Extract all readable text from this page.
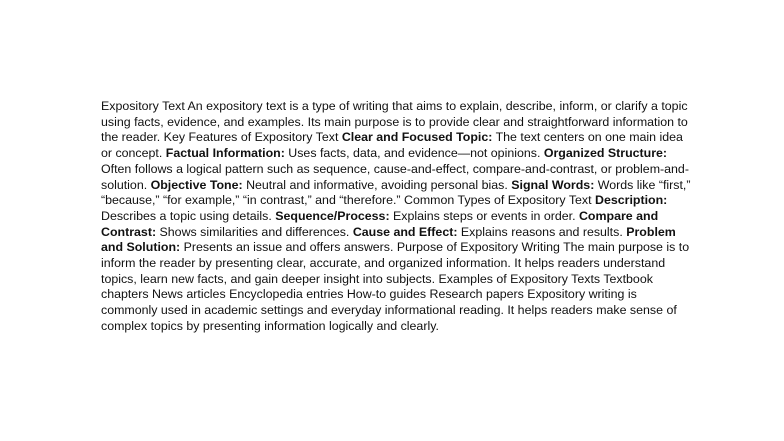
Expository Text An expository text is a type of writing that aims to explain, describe, inform, or clarify a topic using facts, evidence, and examples. Its main purpose is to provide clear and straightforward information to the reader. Key Features of Expository Text Clear and Focused Topic: The text centers on one main idea or concept. Factual Information: Uses facts, data, and evidence—not opinions. Organized Structure: Often follows a logical pattern such as sequence, cause-and-effect, compare-and-contrast, or problem-and-solution. Objective Tone: Neutral and informative, avoiding personal bias. Signal Words: Words like “first,” “because,” “for example,” “in contrast,” and “therefore.” Common Types of Expository Text Description: Describes a topic using details. Sequence/Process: Explains steps or events in order. Compare and Contrast: Shows similarities and differences. Cause and Effect: Explains reasons and results. Problem and Solution: Presents an issue and offers answers. Purpose of Expository Writing The main purpose is to inform the reader by presenting clear, accurate, and organized information. It helps readers understand topics, learn new facts, and gain deeper insight into subjects. Examples of Expository Texts Textbook chapters News articles Encyclopedia entries How-to guides Research papers Expository writing is commonly used in academic settings and everyday informational reading. It helps readers make sense of complex topics by presenting information logically and clearly.
